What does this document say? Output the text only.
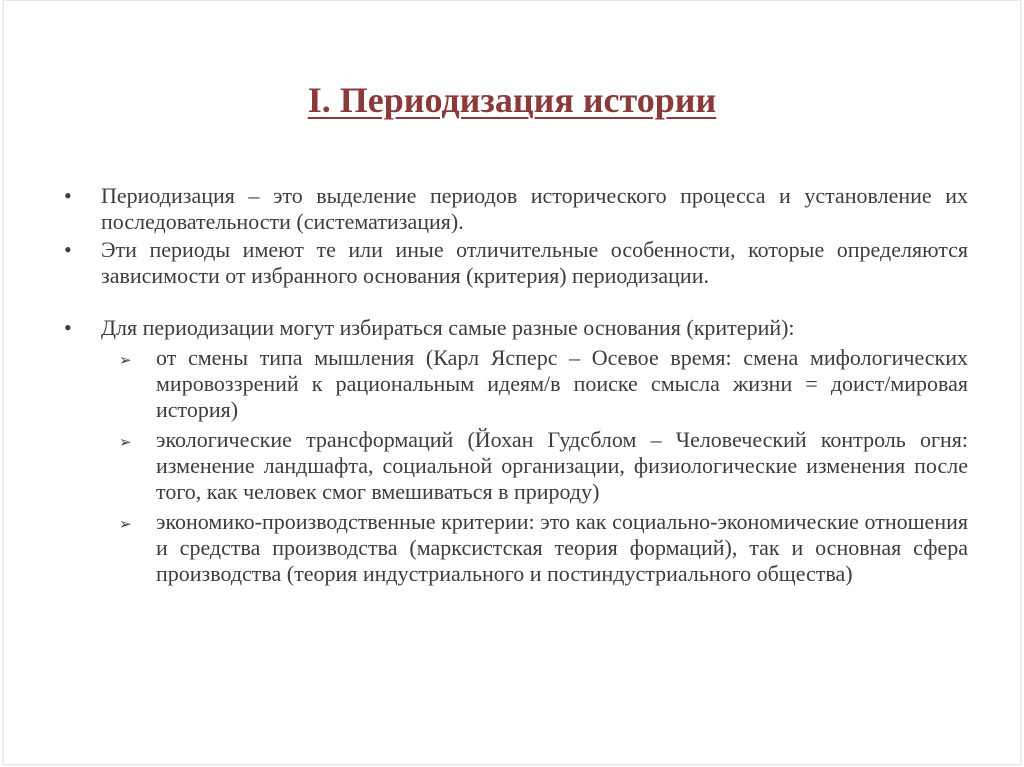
I. Периодизация истории
• Периодизация – это выделение периодов исторического процесса и установление их последовательности (систематизация).
• Эти периоды имеют те или иные отличительные особенности, которые определяются зависимости от избранного основания (критерия) периодизации.
• Для периодизации могут избираться самые разные основания (критерий):
➢ от смены типа мышления (Карл Ясперс – Осевое время: смена мифологических мировоззрений к рациональным идеям/в поиске смысла жизни = доист/мировая история)
➢ экологические трансформаций (Йохан Гудсблом – Человеческий контроль огня: изменение ландшафта, социальной организации, физиологические изменения после того, как человек смог вмешиваться в природу)
➢ экономико-производственные критерии: это как социально-экономические отношения и средства производства (марксистская теория формаций), так и основная сфера производства (теория индустриального и постиндустриального общества)
